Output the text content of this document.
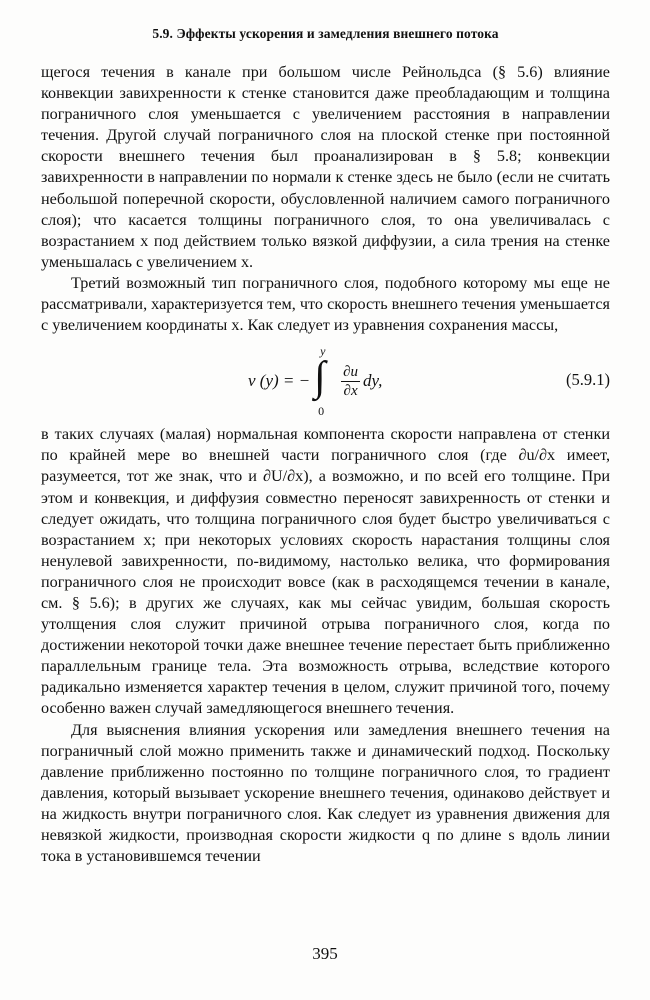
5.9. Эффекты ускорения и замедления внешнего потока

щегося течения в канале при большом числе Рейнольдса (§ 5.6) влияние конвекции завихренности к стенке становится даже преобладающим и толщина пограничного слоя уменьшается с увеличением расстояния в направлении течения. Другой случай пограничного слоя на плоской стенке при постоянной скорости внешнего течения был проанализирован в § 5.8; конвекции завихренности в направлении по нормали к стенке здесь не было (если не считать небольшой поперечной скорости, обусловленной наличием самого пограничного слоя); что касается толщины пограничного слоя, то она увеличивалась с возрастанием x под действием только вязкой диффузии, а сила трения на стенке уменьшалась с увеличением x.

Третий возможный тип пограничного слоя, подобного которому мы еще не рассматривали, характеризуется тем, что скорость внешнего течения уменьшается с увеличением координаты x. Как следует из уравнения сохранения массы,

v (y) = −
y
∫
0
$\frac{\partial u}{\partial x}$ dy,	(5.9.1)

в таких случаях (малая) нормальная компонента скорости направлена от стенки по крайней мере во внешней части пограничного слоя (где ∂u/∂x имеет, разумеется, тот же знак, что и ∂U/∂x), а возможно, и по всей его толщине. При этом и конвекция, и диффузия совместно переносят завихренность от стенки и следует ожидать, что толщина пограничного слоя будет быстро увеличиваться с возрастанием x; при некоторых условиях скорость нарастания толщины слоя ненулевой завихренности, по-видимому, настолько велика, что формирования пограничного слоя не происходит вовсе (как в расходящемся течении в канале, см. § 5.6); в других же случаях, как мы сейчас увидим, большая скорость утолщения слоя служит причиной отрыва пограничного слоя, когда по достижении некоторой точки даже внешнее течение перестает быть приближенно параллельным границе тела. Эта возможность отрыва, вследствие которого радикально изменяется характер течения в целом, служит причиной того, почему особенно важен случай замедляющегося внешнего течения.

Для выяснения влияния ускорения или замедления внешнего течения на пограничный слой можно применить также и динамический подход. Поскольку давление приближенно постоянно по толщине пограничного слоя, то градиент давления, который вызывает ускорение внешнего течения, одинаково действует и на жидкость внутри пограничного слоя. Как следует из уравнения движения для невязкой жидкости, производная скорости жидкости q по длине s вдоль линии тока в установившемся течении

395
